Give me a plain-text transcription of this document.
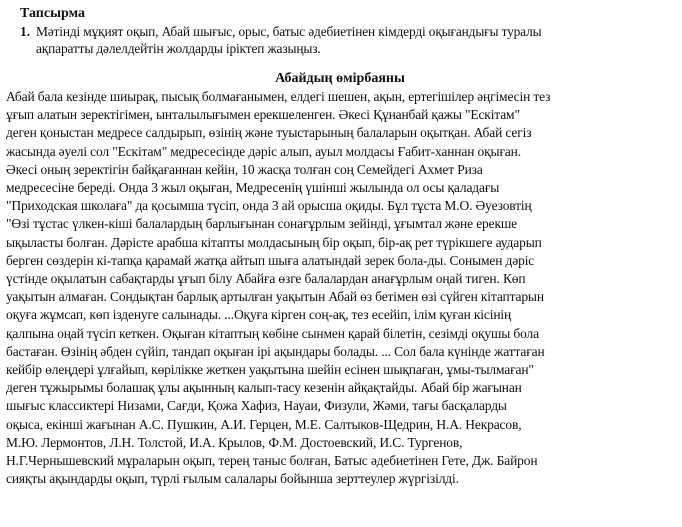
Тапсырма
1. Мәтінді мұқият оқып, Абай шығыс, орыс, батыс әдебиетінен кімдерді оқығандығы туралы
ақпаратты дәлелдейтін жолдарды іріктеп жазыңыз.
Абайдың өмірбаяны
Абай бала кезінде шиырақ, пысық болмағанымен, елдегі шешен, ақын, ертегішілер әңгімесін тез
ұғып алатын зеректігімен, ынталылығымен ерекшеленген. Әкесі Құнанбай қажы "Ескітам"
деген қоныстан медресе салдырып, өзінің және туыстарының балаларын оқытқан. Абай сегіз
жасында әуелі сол "Ескітам" медресесінде дәріс алып, ауыл молдасы Ғабит-ханнан оқыған.
Әкесі оның зеректігін байқағаннан кейін, 10 жасқа толған соң Семейдегі Ахмет Риза
медресесіне береді. Онда 3 жыл оқыған, Медресенің үшінші жылында ол осы қаладағы
"Приходская школаға" да қосымша түсіп, онда 3 ай орысша оқиды. Бұл тұста М.О. Әуезовтің
"Өзі тұстас үлкен-кіші балалардың барлығынан сонағұрлым зейінді, ұғымтал және ерекше
ықыласты болған. Дәрісте арабша кітапты молдасының бір оқып, бір-ақ рет түрікшеге аударып
берген сөздерін кі-тапқа қарамай жатқа айтып шыға алатындай зерек бола-ды. Сонымен дәріс
үстінде оқылатын сабақтарды ұғып білу Абайға өзге балалардан анағұрлым оңай тиген. Көп
уақытын алмаған. Сондықтан барлық артылған уақытын Абай өз бетімен өзі сүйген кітаптарын
оқуға жұмсап, көп ізденуге салынады. ...Оқуға кірген соң-ақ, тез есейіп, ілім қуған кісінің
қалпына оңай түсіп кеткен. Оқыған кітаптың көбіне сынмен қарай білетін, сезімді оқушы бола
бастаған. Өзінің әбден сүйіп, тандап оқыған ірі ақындары болады. ... Сол бала күнінде жаттаған
кейбір өлеңдері ұлғайып, көрілікке жеткен уақытына шейін есінен шықпаған, ұмы-тылмаған"
деген тұжырымы болашақ ұлы ақынның калып-тасу кезенін айқақтайды. Абай бір жағынан
шығыс классиктері Низами, Сағди, Қожа Хафиз, Науаи, Физули, Жәми, тағы басқаларды
оқыса, екінші жағынан А.С. Пушкин, А.И. Герцен, М.Е. Салтыков-Щедрин, Н.А. Некрасов,
М.Ю. Лермонтов, Л.Н. Толстой, И.А. Крылов, Ф.М. Достоевский, И.С. Тургенов,
Н.Г.Чернышевский мұраларын оқып, терең таныс болған, Батыс әдебиетінен Гете, Дж. Байрон
сияқты ақындарды оқып, түрлі ғылым салалары бойынша зерттеулер жүргізілді.
